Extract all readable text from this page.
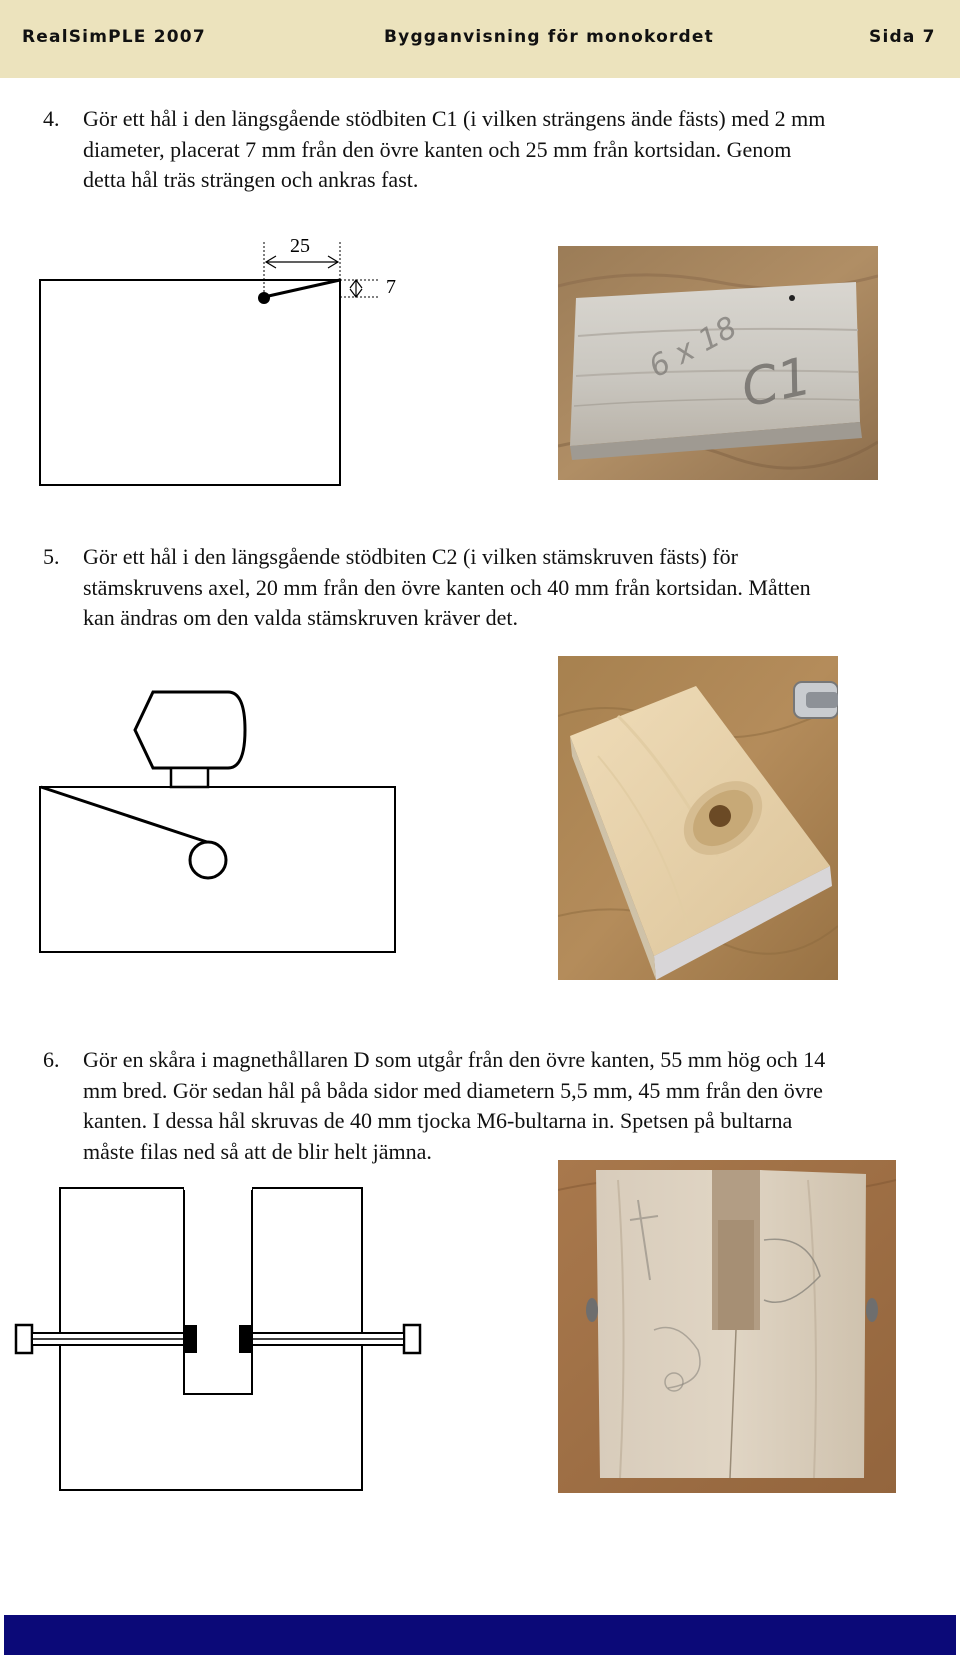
RealSimPLE 2007	Bygganvisning för monokordet	Sida 7
4. Gör ett hål i den längsgående stödbiten C1 (i vilken strängens ände fästs) med 2 mm
diameter, placerat 7 mm från den övre kanten och 25 mm från kortsidan. Genom
detta hål träs strängen och ankras fast.
25
7
6 x 18
C1
5. Gör ett hål i den längsgående stödbiten C2 (i vilken stämskruven fästs) för
stämskruvens axel, 20 mm från den övre kanten och 40 mm från kortsidan. Måtten
kan ändras om den valda stämskruven kräver det.
6. Gör en skåra i magnethållaren D som utgår från den övre kanten, 55 mm hög och 14
mm bred. Gör sedan hål på båda sidor med diametern 5,5 mm, 45 mm från den övre
kanten. I dessa hål skruvas de 40 mm tjocka M6-bultarna in. Spetsen på bultarna
måste filas ned så att de blir helt jämna.
